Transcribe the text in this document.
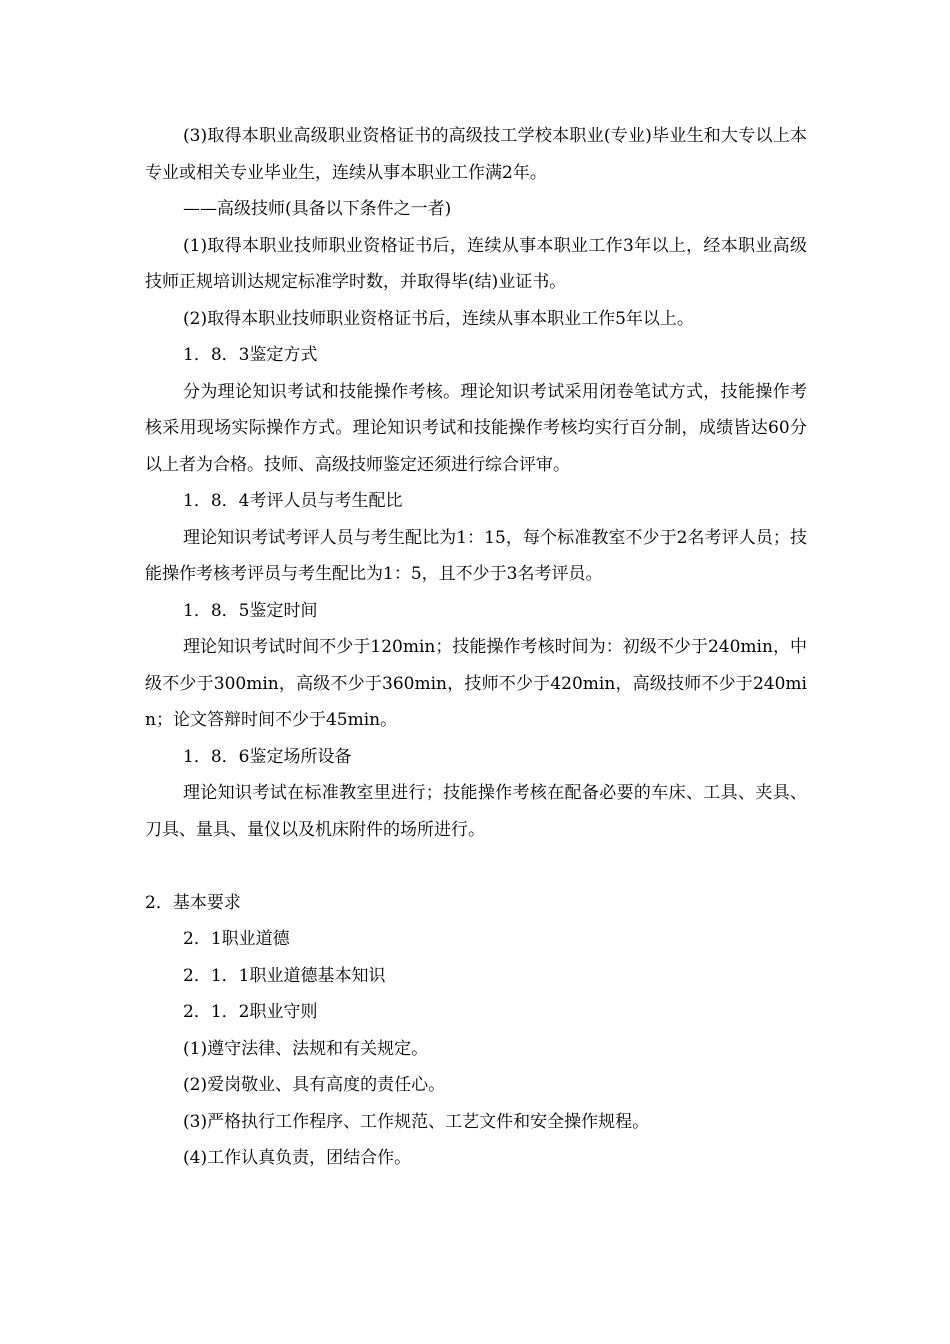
(3)取得本职业高级职业资格证书的高级技工学校本职业(专业)毕业生和大专以上本专业或相关专业毕业生，连续从事本职业工作满2年。

——高级技师(具备以下条件之一者)

(1)取得本职业技师职业资格证书后，连续从事本职业工作3年以上，经本职业高级技师正规培训达规定标准学时数，并取得毕(结)业证书。

(2)取得本职业技师职业资格证书后，连续从事本职业工作5年以上。

1．8．3鉴定方式

分为理论知识考试和技能操作考核。理论知识考试采用闭卷笔试方式，技能操作考核采用现场实际操作方式。理论知识考试和技能操作考核均实行百分制，成绩皆达60分以上者为合格。技师、高级技师鉴定还须进行综合评审。

1．8．4考评人员与考生配比

理论知识考试考评人员与考生配比为1：15，每个标准教室不少于2名考评人员；技能操作考核考评员与考生配比为1：5，且不少于3名考评员。

1．8．5鉴定时间

理论知识考试时间不少于120min；技能操作考核时间为：初级不少于240min，中级不少于300min，高级不少于360min，技师不少于420min，高级技师不少于240min；论文答辩时间不少于45min。

1．8．6鉴定场所设备

理论知识考试在标准教室里进行；技能操作考核在配备必要的车床、工具、夹具、刀具、量具、量仪以及机床附件的场所进行。

2．基本要求

2．1职业道德

2．1．1职业道德基本知识

2．1．2职业守则

(1)遵守法律、法规和有关规定。

(2)爱岗敬业、具有高度的责任心。

(3)严格执行工作程序、工作规范、工艺文件和安全操作规程。

(4)工作认真负责，团结合作。
